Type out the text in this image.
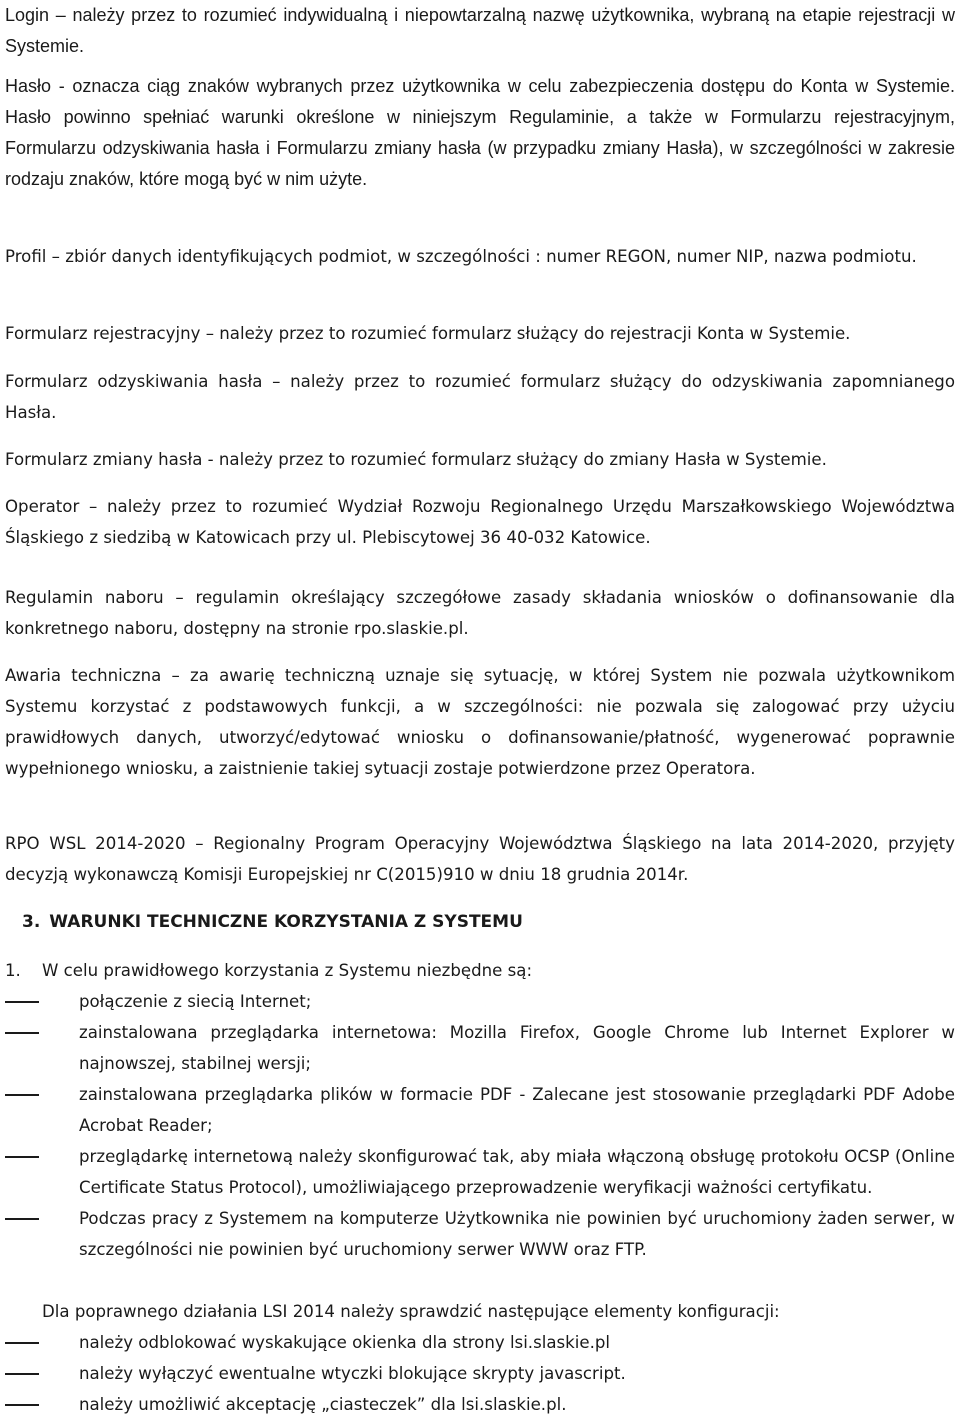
Login – należy przez to rozumieć indywidualną i niepowtarzalną nazwę użytkownika, wybraną na etapie rejestracji w Systemie.

Hasło - oznacza ciąg znaków wybranych przez użytkownika w celu zabezpieczenia dostępu do Konta w Systemie. Hasło powinno spełniać warunki określone w niniejszym Regulaminie, a także w Formularzu rejestracyjnym, Formularzu odzyskiwania hasła i Formularzu zmiany hasła (w przypadku zmiany Hasła), w szczególności w zakresie rodzaju znaków, które mogą być w nim użyte.

Profil – zbiór danych identyfikujących podmiot, w szczególności : numer REGON, numer NIP, nazwa podmiotu.

Formularz rejestracyjny – należy przez to rozumieć formularz służący do rejestracji Konta w Systemie.

Formularz odzyskiwania hasła – należy przez to rozumieć formularz służący do odzyskiwania zapomnianego Hasła.

Formularz zmiany hasła - należy przez to rozumieć formularz służący do zmiany Hasła w Systemie.

Operator – należy przez to rozumieć Wydział Rozwoju Regionalnego Urzędu Marszałkowskiego Województwa Śląskiego z siedzibą w Katowicach przy ul. Plebiscytowej 36 40-032 Katowice.

Regulamin naboru – regulamin określający szczegółowe zasady składania wniosków o dofinansowanie dla konkretnego naboru, dostępny na stronie rpo.slaskie.pl.

Awaria techniczna – za awarię techniczną uznaje się sytuację, w której System nie pozwala użytkownikom Systemu korzystać z podstawowych funkcji, a w szczególności: nie pozwala się zalogować przy użyciu prawidłowych danych, utworzyć/edytować wniosku o dofinansowanie/płatność, wygenerować poprawnie wypełnionego wniosku, a zaistnienie takiej sytuacji zostaje potwierdzone przez Operatora.

RPO WSL 2014-2020 – Regionalny Program Operacyjny Województwa Śląskiego na lata 2014-2020, przyjęty decyzją wykonawczą Komisji Europejskiej nr C(2015)910 w dniu 18 grudnia 2014r.

3. WARUNKI TECHNICZNE KORZYSTANIA Z SYSTEMU

1. W celu prawidłowego korzystania z Systemu niezbędne są:

połączenie z siecią Internet;
zainstalowana przeglądarka internetowa: Mozilla Firefox, Google Chrome lub Internet Explorer w najnowszej, stabilnej wersji;
zainstalowana przeglądarka plików w formacie PDF - Zalecane jest stosowanie przeglądarki PDF Adobe Acrobat Reader;
przeglądarkę internetową należy skonfigurować tak, aby miała włączoną obsługę protokołu OCSP (Online Certificate Status Protocol), umożliwiającego przeprowadzenie weryfikacji ważności certyfikatu.
Podczas pracy z Systemem na komputerze Użytkownika nie powinien być uruchomiony żaden serwer, w szczególności nie powinien być uruchomiony serwer WWW oraz FTP.

Dla poprawnego działania LSI 2014 należy sprawdzić następujące elementy konfiguracji:

należy odblokować wyskakujące okienka dla strony lsi.slaskie.pl
należy wyłączyć ewentualne wtyczki blokujące skrypty javascript.
należy umożliwić akceptację „ciasteczek” dla lsi.slaskie.pl.
